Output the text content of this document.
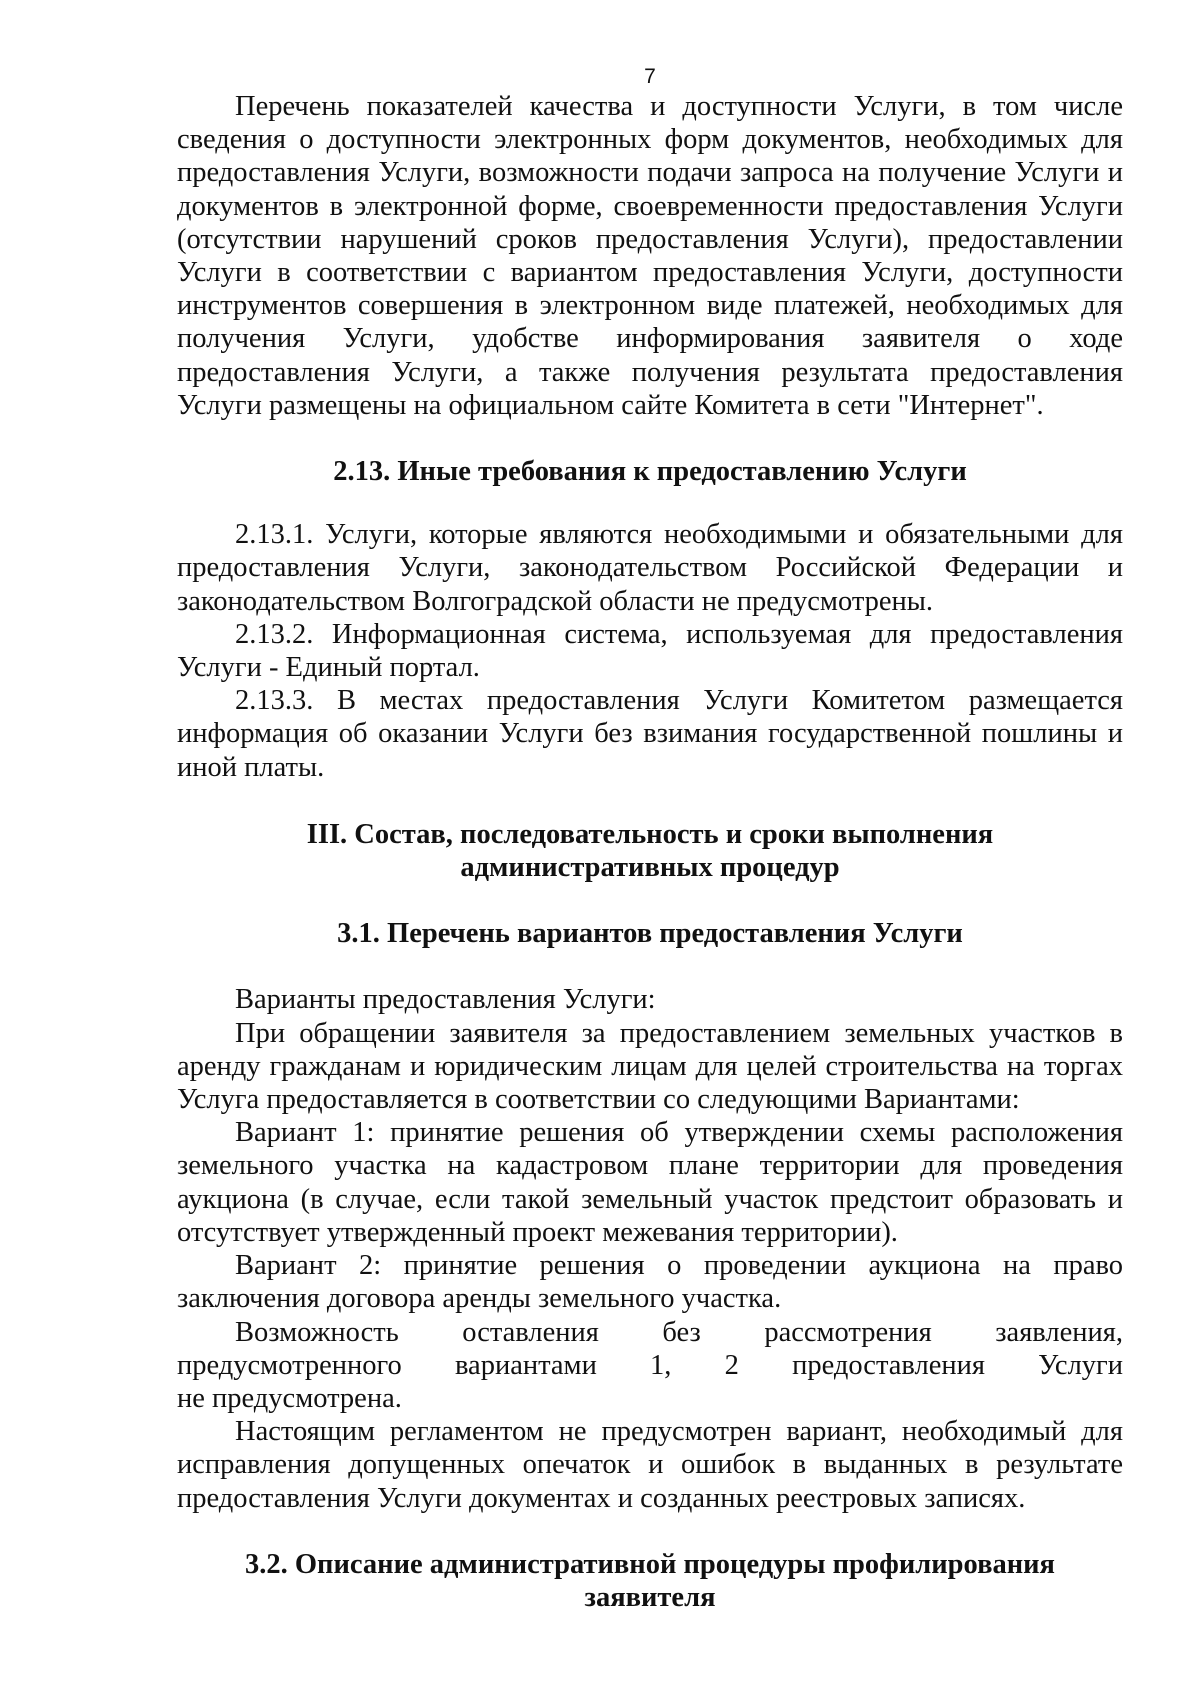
7

Перечень показателей качества и доступности Услуги, в том числе сведения о доступности электронных форм документов, необходимых для предоставления Услуги, возможности подачи запроса на получение Услуги и документов в электронной форме, своевременности предоставления Услуги (отсутствии нарушений сроков предоставления Услуги), предоставлении Услуги в соответствии с вариантом предоставления Услуги, доступности инструментов совершения в электронном виде платежей, необходимых для получения Услуги, удобстве информирования заявителя о ходе предоставления Услуги, а также получения результата предоставления Услуги размещены на официальном сайте Комитета в сети "Интернет".

2.13. Иные требования к предоставлению Услуги

2.13.1. Услуги, которые являются необходимыми и обязательными для предоставления Услуги, законодательством Российской Федерации и законодательством Волгоградской области не предусмотрены.

2.13.2. Информационная система, используемая для предоставления Услуги - Единый портал.

2.13.3. В местах предоставления Услуги Комитетом размещается информация об оказании Услуги без взимания государственной пошлины и иной платы.

III. Состав, последовательность и сроки выполнения
административных процедур
3.1. Перечень вариантов предоставления Услуги

Варианты предоставления Услуги:

При обращении заявителя за предоставлением земельных участков в аренду гражданам и юридическим лицам для целей строительства на торгах Услуга предоставляется в соответствии со следующими Вариантами:

Вариант 1: принятие решения об утверждении схемы расположения земельного участка на кадастровом плане территории для проведения аукциона (в случае, если такой земельный участок предстоит образовать и отсутствует утвержденный проект межевания территории).

Вариант 2: принятие решения о проведении аукциона на право заключения договора аренды земельного участка.

Возможность оставления без рассмотрения заявления,

предусмотренного вариантами 1, 2 предоставления Услуги

не предусмотрена.

Настоящим регламентом не предусмотрен вариант, необходимый для исправления допущенных опечаток и ошибок в выданных в результате предоставления Услуги документах и созданных реестровых записях.

3.2. Описание административной процедуры профилирования заявителя
